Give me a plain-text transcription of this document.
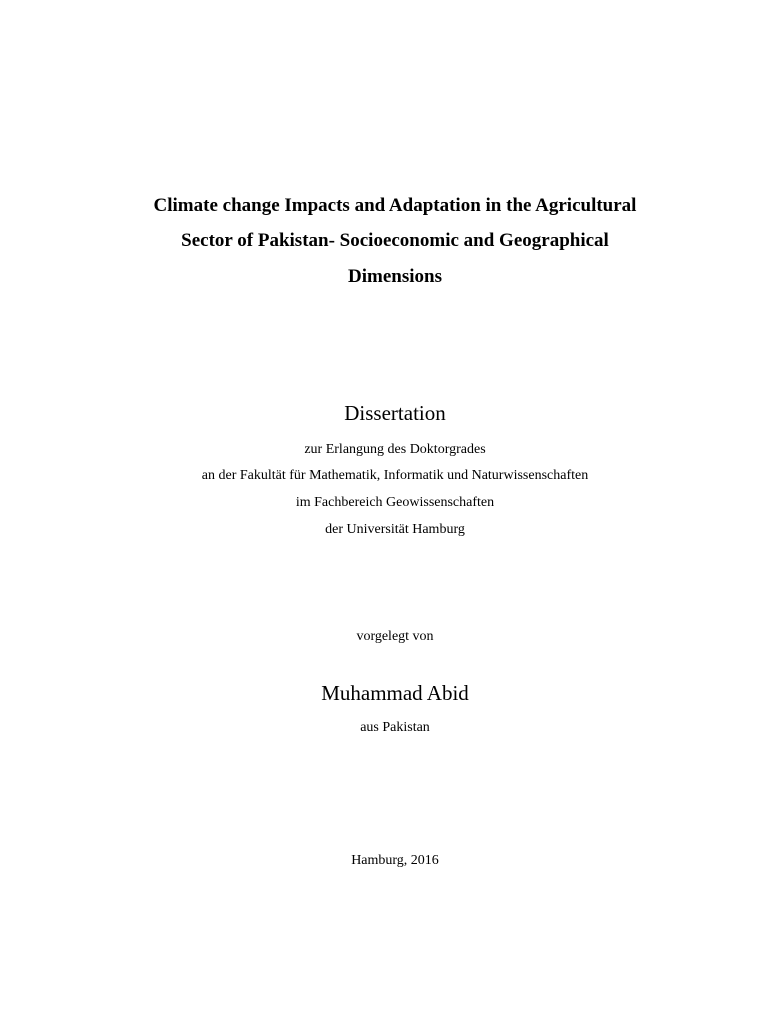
Climate change Impacts and Adaptation in the Agricultural
Sector of Pakistan- Socioeconomic and Geographical
Dimensions
Dissertation
zur Erlangung des Doktorgrades
an der Fakultät für Mathematik, Informatik und Naturwissenschaften
im Fachbereich Geowissenschaften
der Universität Hamburg
vorgelegt von
Muhammad Abid
aus Pakistan
Hamburg, 2016
